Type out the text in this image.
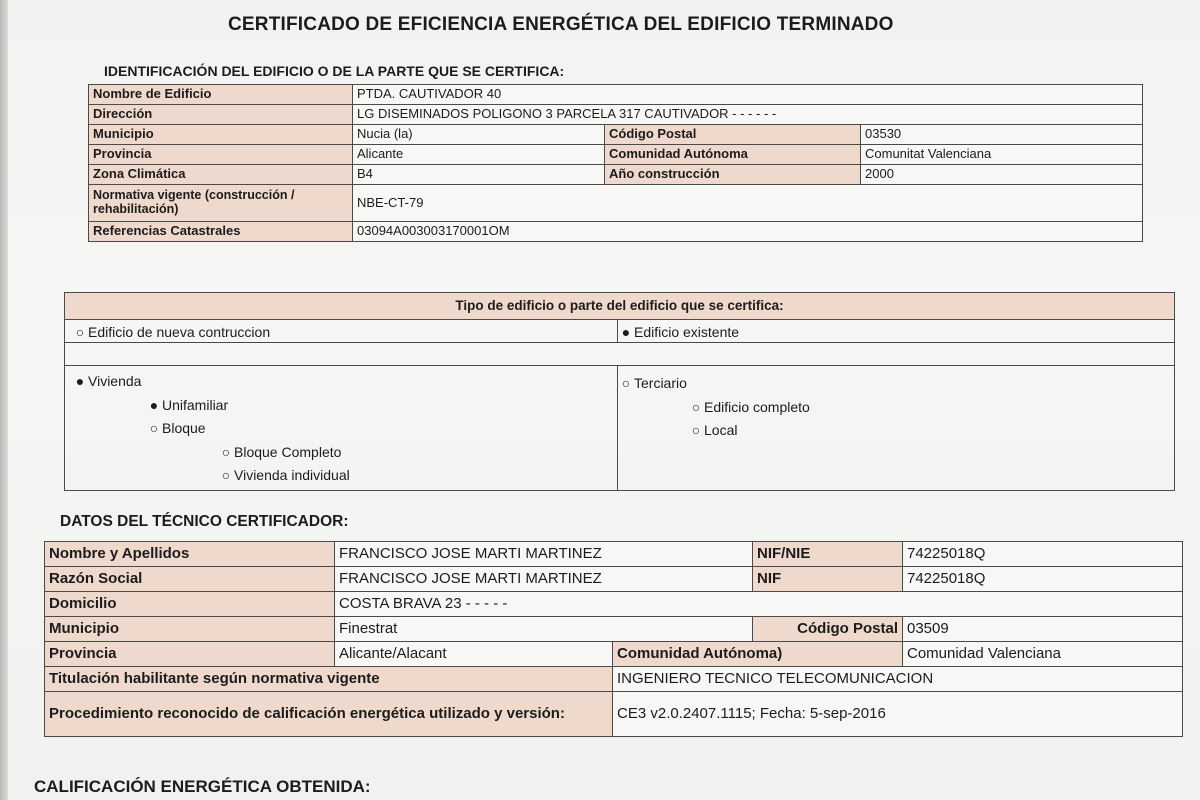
CERTIFICADO DE EFICIENCIA ENERGÉTICA DEL EDIFICIO TERMINADO
IDENTIFICACIÓN DEL EDIFICIO O DE LA PARTE QUE SE CERTIFICA:
Nombre de Edificio	PTDA. CAUTIVADOR 40		
Dirección	LG DISEMINADOS POLIGONO 3 PARCELA 317 CAUTIVADOR - - - - - -		
Municipio	Nucia (la)	Código Postal	03530
Provincia	Alicante	Comunidad Autónoma	Comunitat Valenciana
Zona Climática	B4	Año construcción	2000
Normativa vigente (construcción / rehabilitación)	NBE-CT-79		
Referencias Catastrales	03094A003003170001OM		
Tipo de edificio o parte del edificio que se certifica:
○ Edificio de nueva contruccion	● Edificio existente
● Vivienda
● Unifamiliar
○ Bloque
○ Bloque Completo
○ Vivienda individual
○ Terciario
○ Edificio completo
○ Local
DATOS DEL TÉCNICO CERTIFICADOR:
Nombre y Apellidos	FRANCISCO JOSE MARTI MARTINEZ		NIF/NIE	74225018Q
Razón Social	FRANCISCO JOSE MARTI MARTINEZ		NIF	74225018Q
Domicilio	COSTA BRAVA 23 - - - - -			
Municipio	Finestrat		Código Postal	03509
Provincia	Alicante/Alacant	Comunidad Autónoma)		Comunidad Valenciana
Titulación habilitante según normativa vigente		INGENIERO TECNICO TELECOMUNICACION		
Procedimiento reconocido de calificación energética utilizado y versión:		CE3 v2.0.2407.1115; Fecha: 5-sep-2016		
CALIFICACIÓN ENERGÉTICA OBTENIDA:
